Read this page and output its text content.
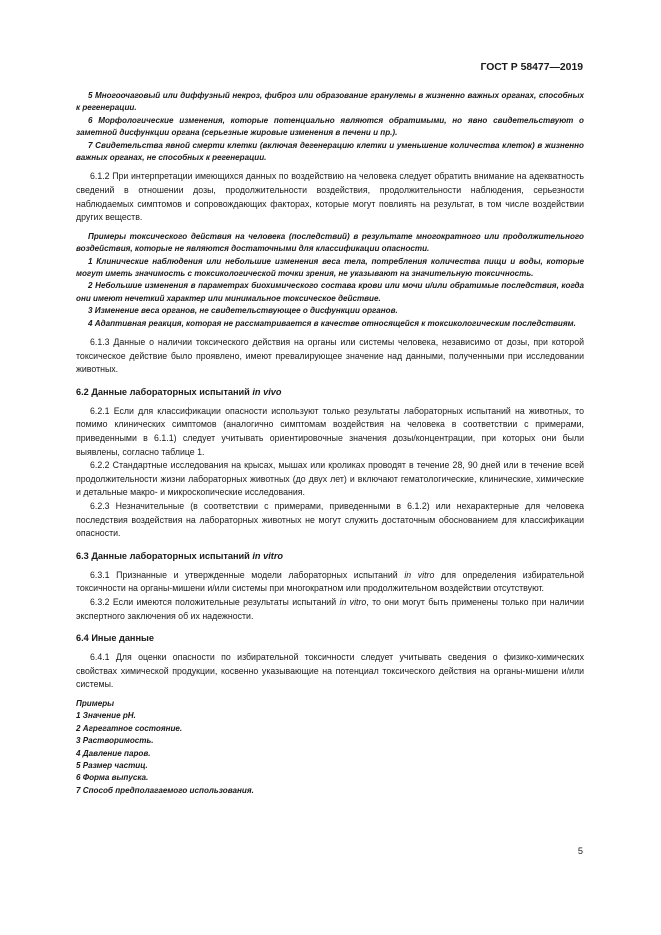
ГОСТ Р 58477—2019

5 Многоочаговый или диффузный некроз, фиброз или образование гранулемы в жизненно важных органах, способных к регенерации.

6 Морфологические изменения, которые потенциально являются обратимыми, но явно свидетельствуют о заметной дисфункции органа (серьезные жировые изменения в печени и пр.).

7 Свидетельства явной смерти клетки (включая дегенерацию клетки и уменьшение количества клеток) в жизненно важных органах, не способных к регенерации.

6.1.2 При интерпретации имеющихся данных по воздействию на человека следует обратить внимание на адекватность сведений в отношении дозы, продолжительности воздействия, продолжительности наблюдения, серьезности наблюдаемых симптомов и сопровождающих факторах, которые могут повлиять на результат, в том числе воздействии других веществ.

Примеры токсического действия на человека (последствий) в результате многократного или продолжительного воздействия, которые не являются достаточными для классификации опасности.

1 Клинические наблюдения или небольшие изменения веса тела, потребления количества пищи и воды, которые могут иметь значимость с токсикологической точки зрения, не указывают на значительную токсичность.

2 Небольшие изменения в параметрах биохимического состава крови или мочи и/или обратимые последствия, когда они имеют нечеткий характер или минимальное токсическое действие.

3 Изменение веса органов, не свидетельствующее о дисфункции органов.

4 Адаптивная реакция, которая не рассматривается в качестве относящейся к токсикологическим последствиям.

6.1.3 Данные о наличии токсического действия на органы или системы человека, независимо от дозы, при которой токсическое действие было проявлено, имеют превалирующее значение над данными, полученными при исследовании животных.

6.2 Данные лабораторных испытаний in vivo

6.2.1 Если для классификации опасности используют только результаты лабораторных испытаний на животных, то помимо клинических симптомов (аналогично симптомам воздействия на человека в соответствии с примерами, приведенными в 6.1.1) следует учитывать ориентировочные значения дозы/концентрации, при которых они были выявлены, согласно таблице 1.

6.2.2 Стандартные исследования на крысах, мышах или кроликах проводят в течение 28, 90 дней или в течение всей продолжительности жизни лабораторных животных (до двух лет) и включают гематологические, клинические, химические и детальные макро- и микроскопические исследования.

6.2.3 Незначительные (в соответствии с примерами, приведенными в 6.1.2) или нехарактерные для человека последствия воздействия на лабораторных животных не могут служить достаточным обоснованием для классификации опасности.

6.3 Данные лабораторных испытаний in vitro

6.3.1 Признанные и утвержденные модели лабораторных испытаний in vitro для определения избирательной токсичности на органы-мишени и/или системы при многократном или продолжительном воздействии отсутствуют.

6.3.2 Если имеются положительные результаты испытаний in vitro, то они могут быть применены только при наличии экспертного заключения об их надежности.

6.4 Иные данные

6.4.1 Для оценки опасности по избирательной токсичности следует учитывать сведения о физико-химических свойствах химической продукции, косвенно указывающие на потенциал токсического действия на органы-мишени и/или системы.

Примеры

1 Значение pH.

2 Агрегатное состояние.

3 Растворимость.

4 Давление паров.

5 Размер частиц.

6 Форма выпуска.

7 Способ предполагаемого использования.

5
